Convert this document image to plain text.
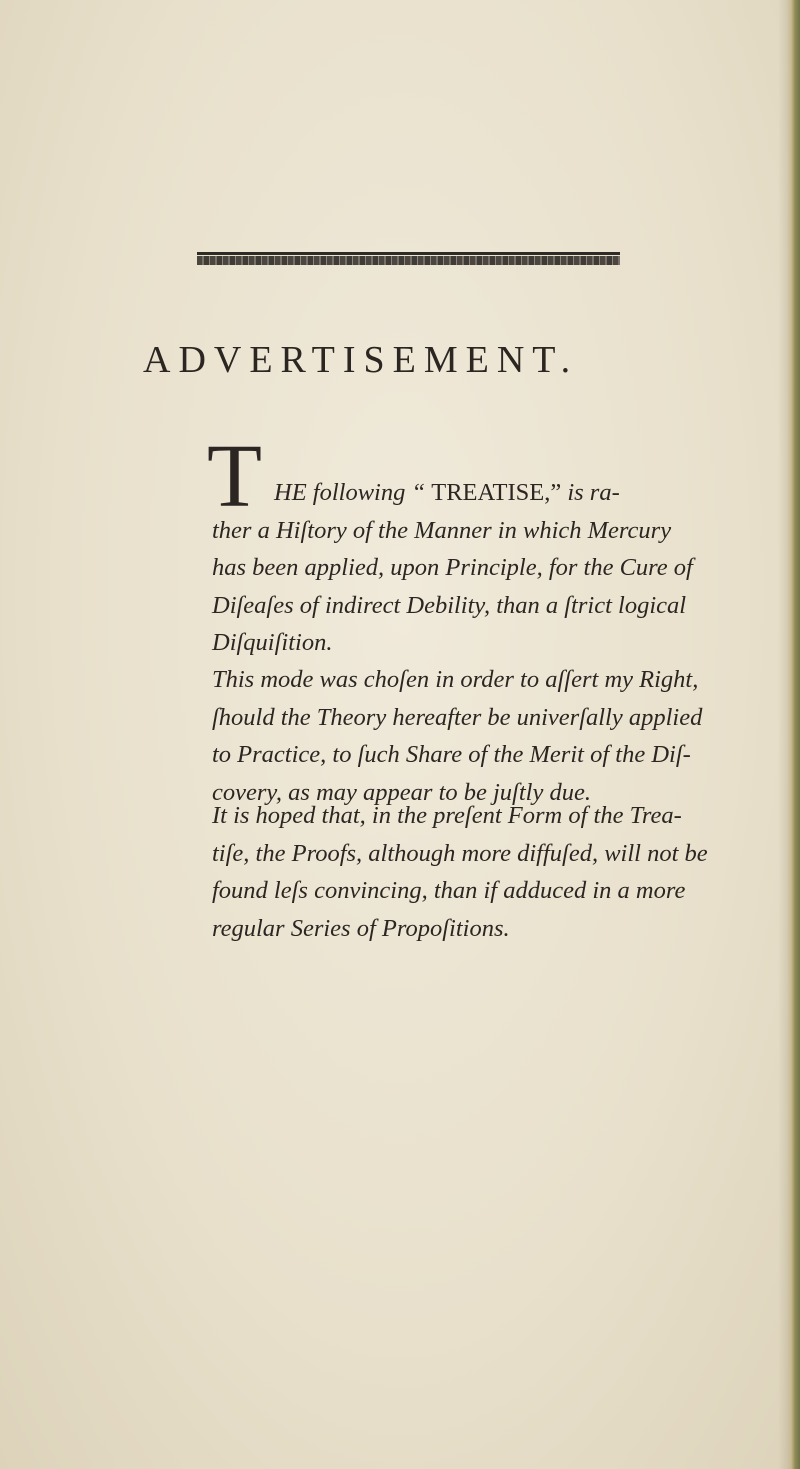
ADVERTISEMENT.
T HE following “ TREATISE,” is ra-
ther a Hiſtory of the Manner in which Mercury
has been applied, upon Principle, for the Cure of
Diſeaſes of indirect Debility, than a ſtrict logical
Diſquiſition.
This mode was choſen in order to aſſert my Right,
ſhould the Theory hereafter be univerſally applied
to Practice, to ſuch Share of the Merit of the Diſ-
covery, as may appear to be juſtly due.
It is hoped that, in the preſent Form of the Trea-
tiſe, the Proofs, although more diffuſed, will not be
found leſs convincing, than if adduced in a more
regular Series of Propoſitions.
